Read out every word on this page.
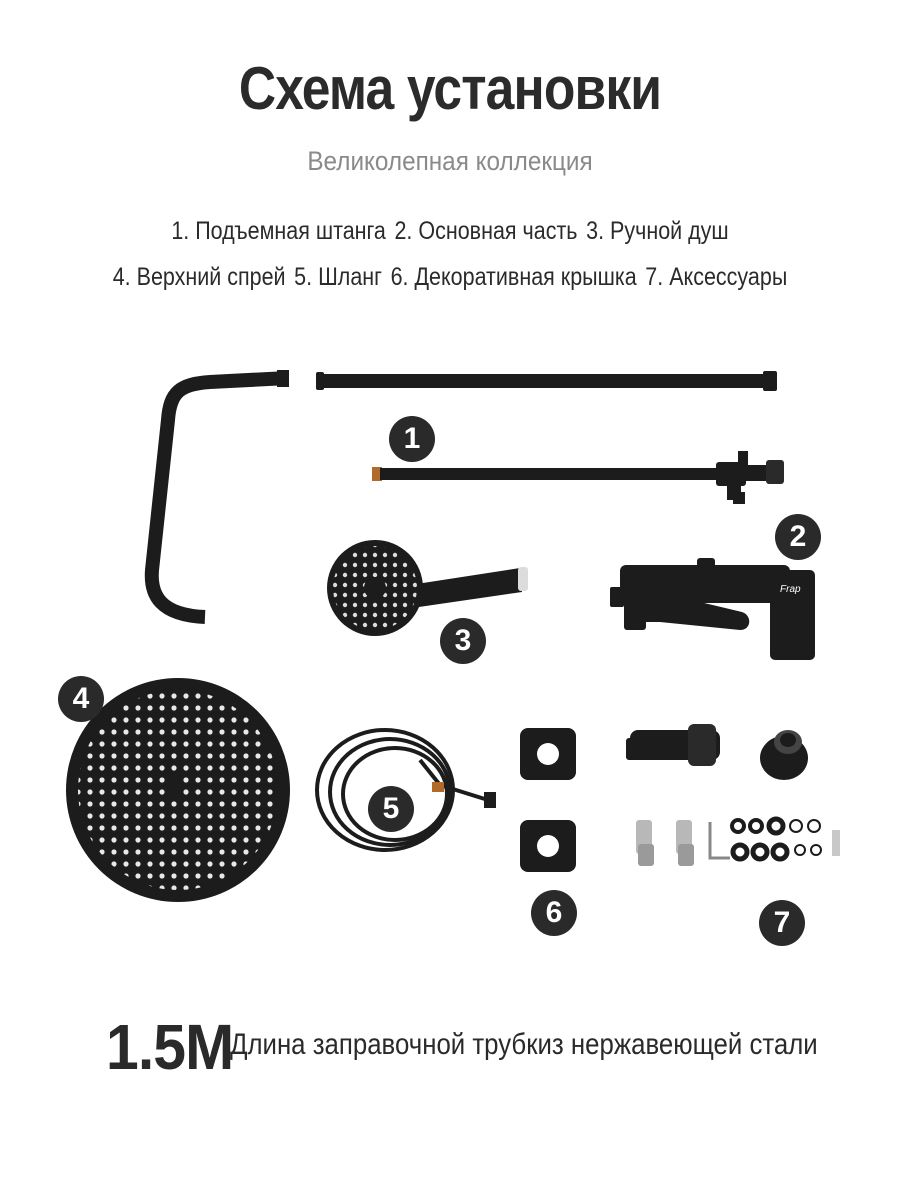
Схема установки
Великолепная коллекция
1. Подъемная штанга 2. Основная часть 3. Ручной душ
4. Верхний спрей 5. Шланг 6. Декоративная крышка 7. Аксессуары
Frap
1
2
3
4
5
6	7
1.5M
Длина заправочной трубкиз нержавеющей стали
